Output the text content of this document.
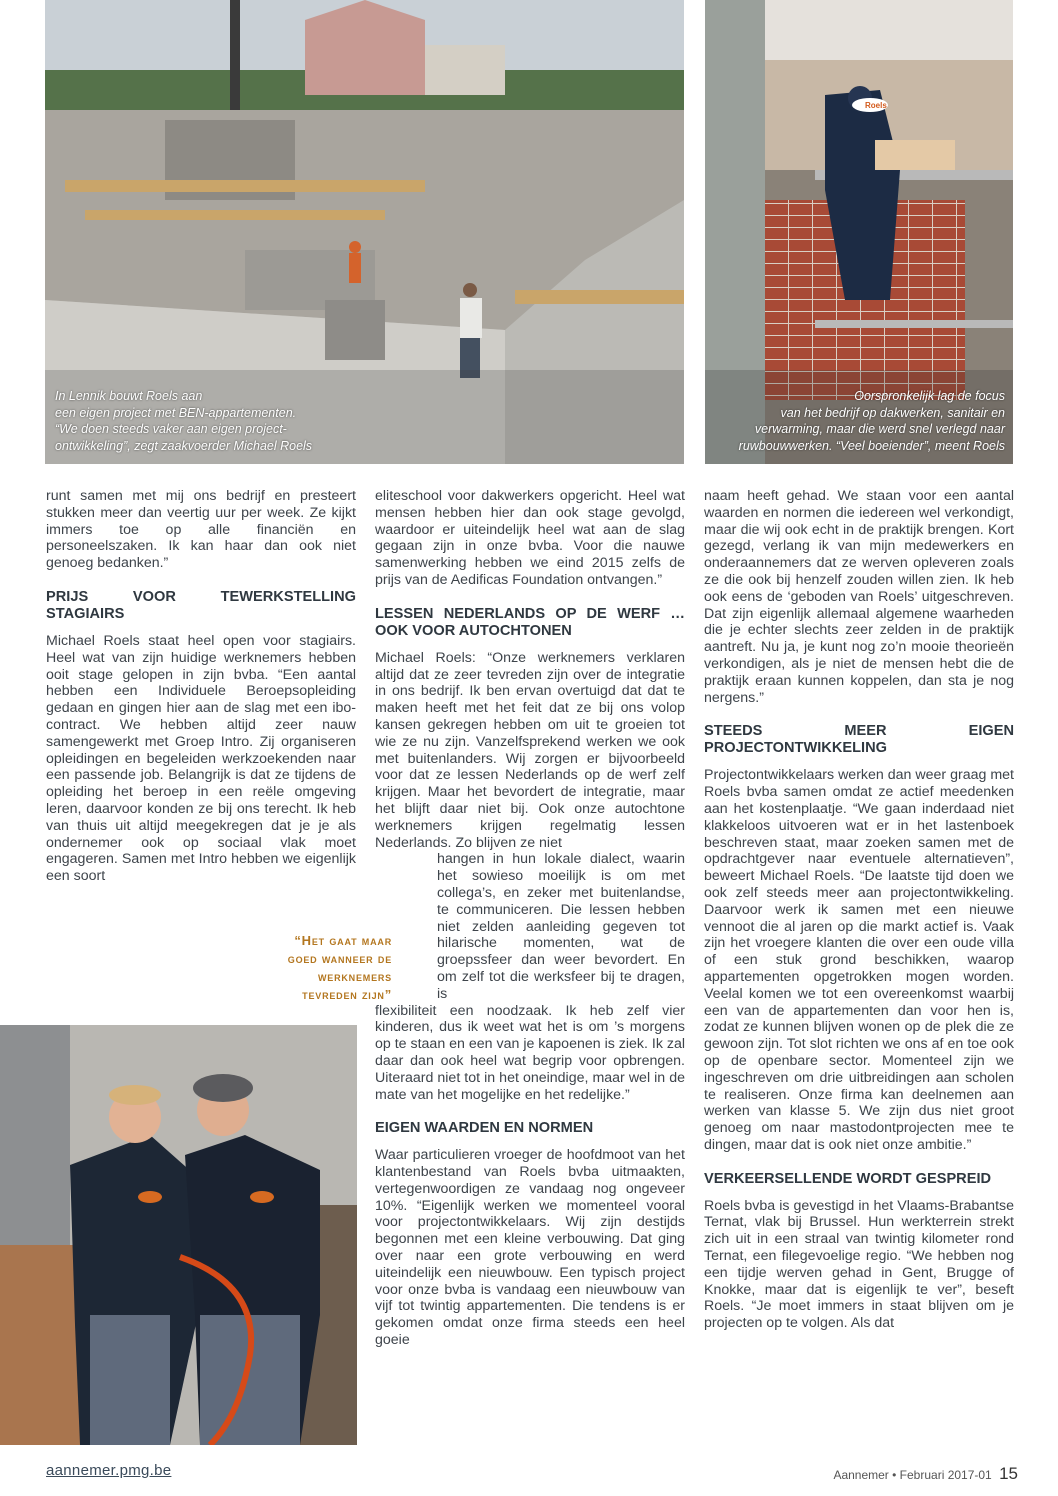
In Lennik bouwt Roels aan
een eigen project met BEN-appartementen.
“We doen steeds vaker aan eigen project-
ontwikkeling”, zegt zaakvoerder Michael Roels
Roels
Oorspronkelijk lag de focus
van het bedrijf op dakwerken, sanitair en
verwarming, maar die werd snel verlegd naar
ruwbouwwerken. “Veel boeiender”, meent Roels

runt samen met mij ons bedrijf en presteert stukken meer dan veertig uur per week. Ze kijkt immers toe op alle financiën en personeelszaken. Ik kan haar dan ook niet genoeg bedanken.”

PRIJS VOOR TEWERKSTELLING STAGIAIRS

Michael Roels staat heel open voor stagiairs. Heel wat van zijn huidige werknemers hebben ooit stage gelopen in zijn bvba. “Een aantal hebben een Individuele Beroepsopleiding gedaan en gingen hier aan de slag met een ibo-contract. We hebben altijd zeer nauw samengewerkt met Groep Intro. Zij organiseren opleidingen en begeleiden werkzoekenden naar een passende job. Belangrijk is dat ze tijdens de opleiding het beroep in een reële omgeving leren, daarvoor konden ze bij ons terecht. Ik heb van thuis uit altijd meegekregen dat je je als ondernemer ook op sociaal vlak moet engageren. Samen met Intro hebben we eigenlijk een soort

“Het gaat maar goed wanneer de werknemers tevreden zijn”

eliteschool voor dakwerkers opgericht. Heel wat mensen hebben hier dan ook stage gevolgd, waardoor er uiteindelijk heel wat aan de slag gegaan zijn in onze bvba. Voor die nauwe samenwerking hebben we eind 2015 zelfs de prijs van de Aedificas Foundation ontvangen.”

LESSEN NEDERLANDS OP DE WERF … OOK VOOR AUTOCHTONEN

Michael Roels: “Onze werknemers verklaren altijd dat ze zeer tevreden zijn over de integratie in ons bedrijf. Ik ben ervan overtuigd dat dat te maken heeft met het feit dat ze bij ons volop kansen gekregen hebben om uit te groeien tot wie ze nu zijn. Vanzelfsprekend werken we ook met buitenlanders. Wij zorgen er bijvoorbeeld voor dat ze lessen Nederlands op de werf zelf krijgen. Maar het bevordert de integratie, maar het blijft daar niet bij. Ook onze autochtone werknemers krijgen regelmatig lessen Nederlands. Zo blijven ze niet

hangen in hun lokale dialect, waarin het sowieso moeilijk is om met collega’s, en zeker met buitenlandse, te communiceren. Die lessen hebben niet zelden aanleiding gegeven tot hilarische momenten, wat de groepssfeer dan weer bevordert. En om zelf tot die werksfeer bij te dragen, is

flexibiliteit een noodzaak. Ik heb zelf vier kinderen, dus ik weet wat het is om ’s morgens op te staan en een van je kapoenen is ziek. Ik zal daar dan ook heel wat begrip voor opbrengen. Uiteraard niet tot in het oneindige, maar wel in de mate van het mogelijke en het redelijke.”

EIGEN WAARDEN EN NORMEN

Waar particulieren vroeger de hoofdmoot van het klantenbestand van Roels bvba uitmaakten, vertegenwoordigen ze vandaag nog ongeveer 10%. “Eigenlijk werken we momenteel vooral voor projectontwikkelaars. Wij zijn destijds begonnen met een kleine verbouwing. Dat ging over naar een grote verbouwing en werd uiteindelijk een nieuwbouw. Een typisch project voor onze bvba is vandaag een nieuwbouw van vijf tot twintig appartementen. Die tendens is er gekomen omdat onze firma steeds een heel goeie

naam heeft gehad. We staan voor een aantal waarden en normen die iedereen wel verkondigt, maar die wij ook echt in de praktijk brengen. Kort gezegd, verlang ik van mijn medewerkers en onderaannemers dat ze werven opleveren zoals ze die ook bij henzelf zouden willen zien. Ik heb ook eens de ‘geboden van Roels’ uitgeschreven. Dat zijn eigenlijk allemaal algemene waarheden die je echter slechts zeer zelden in de praktijk aantreft. Nu ja, je kunt nog zo’n mooie theorieën verkondigen, als je niet de mensen hebt die de praktijk eraan kunnen koppelen, dan sta je nog nergens.”

STEEDS MEER EIGEN PROJECTONTWIKKELING

Projectontwikkelaars werken dan weer graag met Roels bvba samen omdat ze actief meedenken aan het kostenplaatje. “We gaan inderdaad niet klakkeloos uitvoeren wat er in het lastenboek beschreven staat, maar zoeken samen met de opdrachtgever naar eventuele alternatieven”, beweert Michael Roels. “De laatste tijd doen we ook zelf steeds meer aan projectontwikkeling. Daarvoor werk ik samen met een nieuwe vennoot die al jaren op die markt actief is. Vaak zijn het vroegere klanten die over een oude villa of een stuk grond beschikken, waarop appartementen opgetrokken mogen worden. Veelal komen we tot een overeenkomst waarbij een van de appartementen dan voor hen is, zodat ze kunnen blijven wonen op de plek die ze gewoon zijn. Tot slot richten we ons af en toe ook op de openbare sector. Momenteel zijn we ingeschreven om drie uitbreidingen aan scholen te realiseren. Onze firma kan deelnemen aan werken van klasse 5. We zijn dus niet groot genoeg om naar mastodontprojecten mee te dingen, maar dat is ook niet onze ambitie.”

VERKEERSELLENDE WORDT GESPREID

Roels bvba is gevestigd in het Vlaams-Brabantse Ternat, vlak bij Brussel. Hun werkterrein strekt zich uit in een straal van twintig kilometer rond Ternat, een filegevoelige regio. “We hebben nog een tijdje werven gehad in Gent, Brugge of Knokke, maar dat is eigenlijk te ver”, beseft Roels. “Je moet immers in staat blijven om je projecten op te volgen. Als dat

aannemer.pmg.be	Aannemer • Februari 2017-01 15
